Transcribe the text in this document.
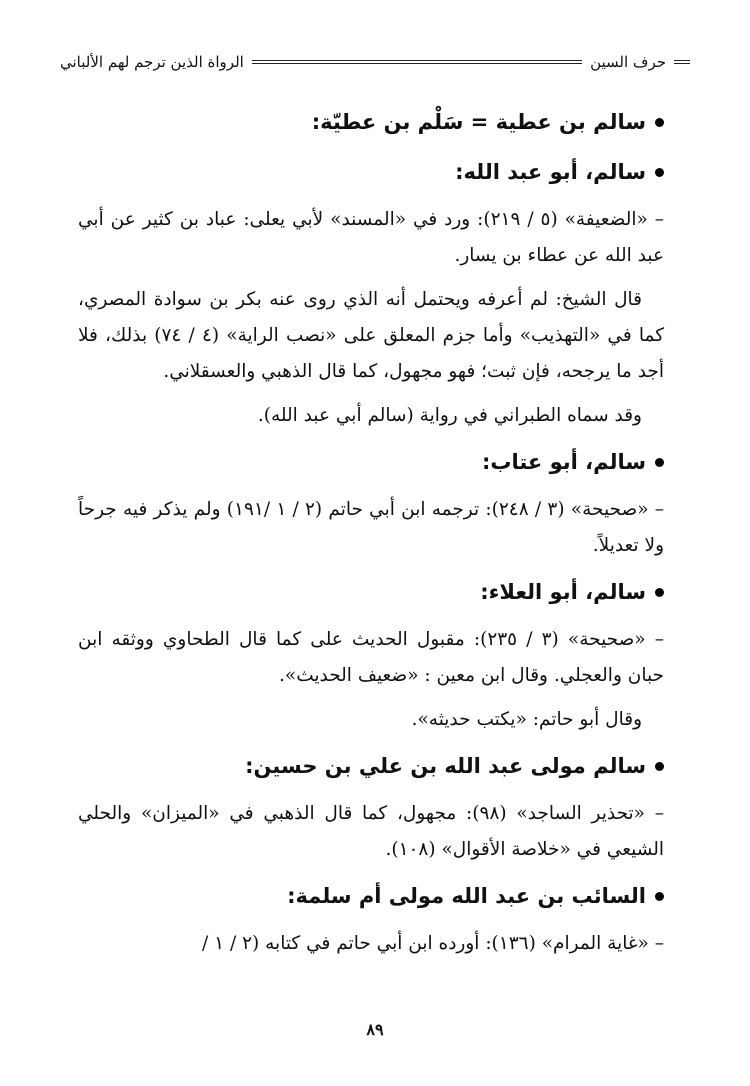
حرف السين
الرواة الذين ترجم لهم الألباني
سالم بن عطية = سَلْم بن عطيّة:
سالم، أبو عبد الله:

– «الضعيفة» (٥ / ٢١٩): ورد في «المسند» لأبي يعلى: عباد بن كثير عن أبي عبد الله عن عطاء بن يسار.

قال الشيخ: لم أعرفه ويحتمل أنه الذي روى عنه بكر بن سوادة المصري، كما في «التهذيب» وأما جزم المعلق على «نصب الراية» (٤ / ٧٤) بذلك، فلا أجد ما يرجحه، فإن ثبت؛ فهو مجهول، كما قال الذهبي والعسقلاني.

وقد سماه الطبراني في رواية (سالم أبي عبد الله).

سالم، أبو عتاب:

– «صحيحة» (٣ / ٢٤٨): ترجمه ابن أبي حاتم (٢ / ١ /١٩١) ولم يذكر فيه جرحاً ولا تعديلاً.

سالم، أبو العلاء:

– «صحيحة» (٣ / ٢٣٥): مقبول الحديث على كما قال الطحاوي ووثقه ابن حبان والعجلي. وقال ابن معين : «ضعيف الحديث».

وقال أبو حاتم: «يكتب حديثه».

سالم مولى عبد الله بن علي بن حسين:

– «تحذير الساجد» (٩٨): مجهول، كما قال الذهبي في «الميزان» والحلي الشيعي في «خلاصة الأقوال» (١٠٨).

السائب بن عبد الله مولى أم سلمة:

– «غاية المرام» (١٣٦): أورده ابن أبي حاتم في كتابه (٢ / ١ /

٨٩
